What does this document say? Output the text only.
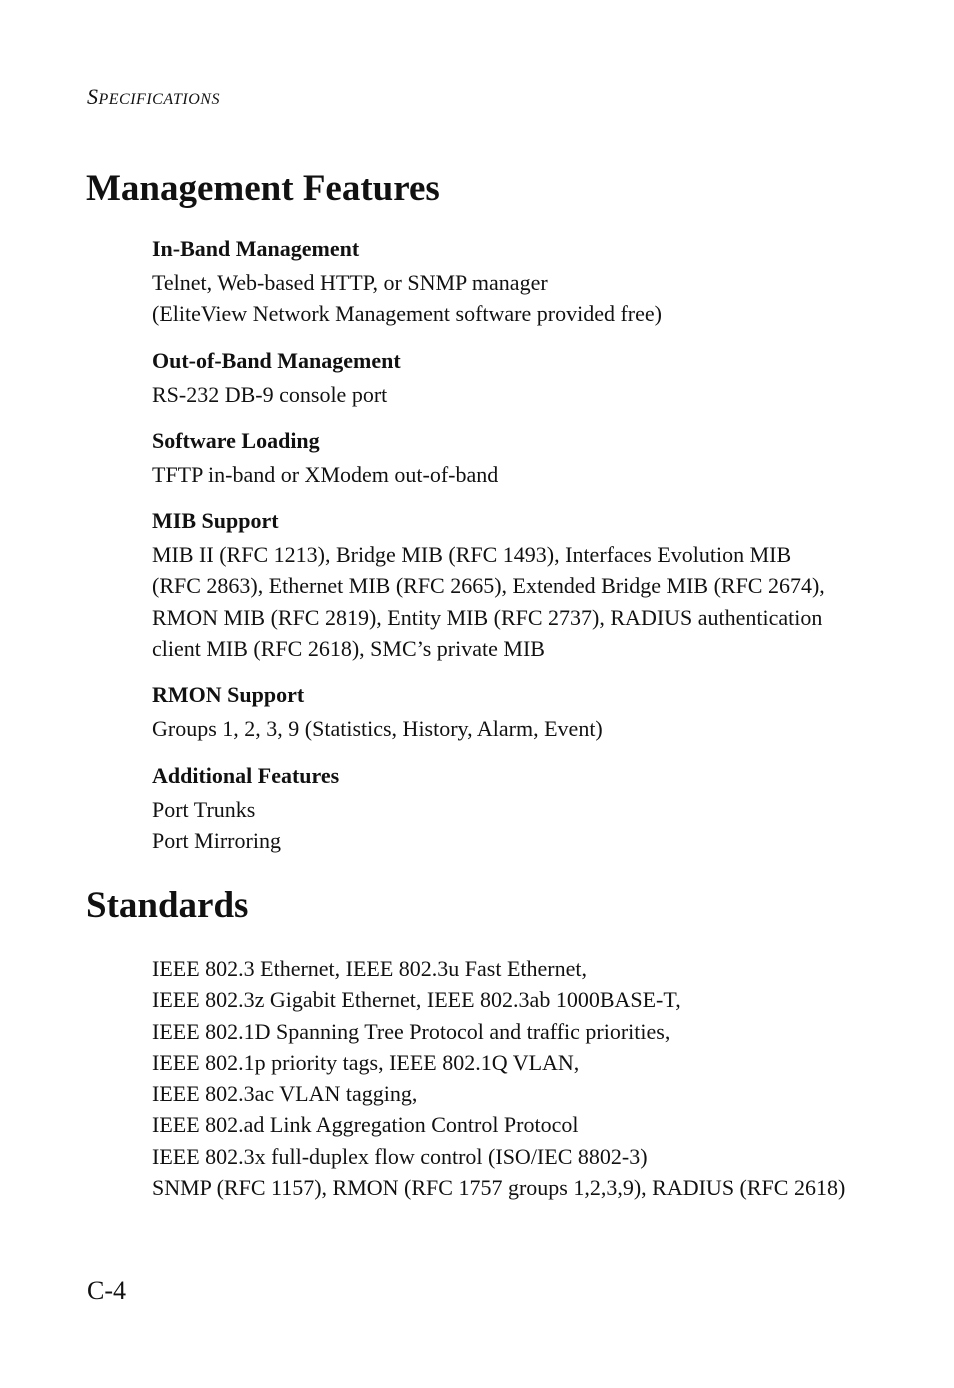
SPECIFICATIONS
Management Features
In-Band Management

Telnet, Web-based HTTP, or SNMP manager

(EliteView Network Management software provided free)

Out-of-Band Management

RS-232 DB-9 console port

Software Loading

TFTP in-band or XModem out-of-band

MIB Support

MIB II (RFC 1213), Bridge MIB (RFC 1493), Interfaces Evolution MIB (RFC 2863), Ethernet MIB (RFC 2665), Extended Bridge MIB (RFC 2674), RMON MIB (RFC 2819), Entity MIB (RFC 2737), RADIUS authentication client MIB (RFC 2618), SMC’s private MIB

RMON Support

Groups 1, 2, 3, 9 (Statistics, History, Alarm, Event)

Additional Features

Port Trunks

Port Mirroring

Standards

IEEE 802.3 Ethernet, IEEE 802.3u Fast Ethernet,

IEEE 802.3z Gigabit Ethernet, IEEE 802.3ab 1000BASE-T,

IEEE 802.1D Spanning Tree Protocol and traffic priorities,

IEEE 802.1p priority tags, IEEE 802.1Q VLAN,

IEEE 802.3ac VLAN tagging,

IEEE 802.ad Link Aggregation Control Protocol

IEEE 802.3x full-duplex flow control (ISO/IEC 8802-3)

SNMP (RFC 1157), RMON (RFC 1757 groups 1,2,3,9), RADIUS (RFC 2618)

C-4
